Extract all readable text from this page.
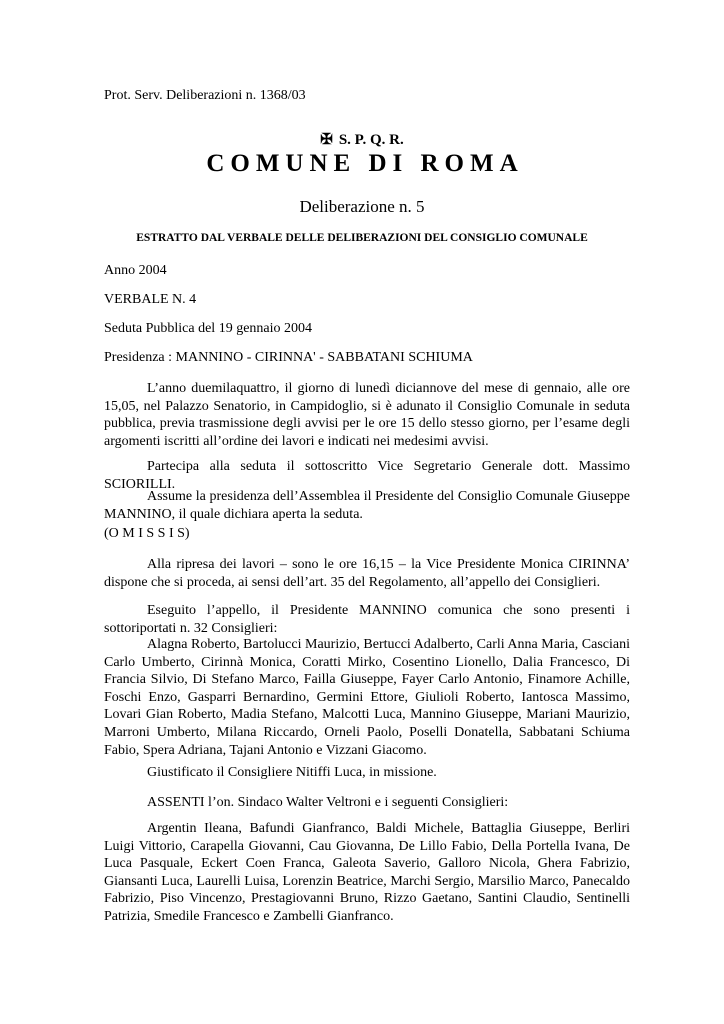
Prot. Serv. Deliberazioni n. 1368/03
✠ S. P. Q. R.
COMUNE DI ROMA
Deliberazione n. 5
ESTRATTO DAL VERBALE DELLE DELIBERAZIONI DEL CONSIGLIO COMUNALE
Anno 2004
VERBALE N. 4
Seduta Pubblica del 19 gennaio 2004
Presidenza : MANNINO - CIRINNA' - SABBATANI SCHIUMA
L’anno duemilaquattro, il giorno di lunedì diciannove del mese di gennaio, alle ore 15,05, nel Palazzo Senatorio, in Campidoglio, si è adunato il Consiglio Comunale in seduta pubblica, previa trasmissione degli avvisi per le ore 15 dello stesso giorno, per l’esame degli argomenti iscritti all’ordine dei lavori e indicati nei medesimi avvisi.
Partecipa alla seduta il sottoscritto Vice Segretario Generale dott. Massimo SCIORILLI.
Assume la presidenza dell’Assemblea il Presidente del Consiglio Comunale Giuseppe MANNINO, il quale dichiara aperta la seduta.
(O M I S S I S)
Alla ripresa dei lavori – sono le ore 16,15 – la Vice Presidente Monica CIRINNA’ dispone che si proceda, ai sensi dell’art. 35 del Regolamento, all’appello dei Consiglieri.
Eseguito l’appello, il Presidente MANNINO comunica che sono presenti i sottoriportati n. 32 Consiglieri:
Alagna Roberto, Bartolucci Maurizio, Bertucci Adalberto, Carli Anna Maria, Casciani Carlo Umberto, Cirinnà Monica, Coratti Mirko, Cosentino Lionello, Dalia Francesco, Di Francia Silvio, Di Stefano Marco, Failla Giuseppe, Fayer Carlo Antonio, Finamore Achille, Foschi Enzo, Gasparri Bernardino, Germini Ettore, Giulioli Roberto, Iantosca Massimo, Lovari Gian Roberto, Madia Stefano, Malcotti Luca, Mannino Giuseppe, Mariani Maurizio, Marroni Umberto, Milana Riccardo, Orneli Paolo, Poselli Donatella, Sabbatani Schiuma Fabio, Spera Adriana, Tajani Antonio e Vizzani Giacomo.
Giustificato il Consigliere Nitiffi Luca, in missione.
ASSENTI l’on. Sindaco Walter Veltroni e i seguenti Consiglieri:
Argentin Ileana, Bafundi Gianfranco, Baldi Michele, Battaglia Giuseppe, Berliri Luigi Vittorio, Carapella Giovanni, Cau Giovanna, De Lillo Fabio, Della Portella Ivana, De Luca Pasquale, Eckert Coen Franca, Galeota Saverio, Galloro Nicola, Ghera Fabrizio, Giansanti Luca, Laurelli Luisa, Lorenzin Beatrice, Marchi Sergio, Marsilio Marco, Panecaldo Fabrizio, Piso Vincenzo, Prestagiovanni Bruno, Rizzo Gaetano, Santini Claudio, Sentinelli Patrizia, Smedile Francesco e Zambelli Gianfranco.
